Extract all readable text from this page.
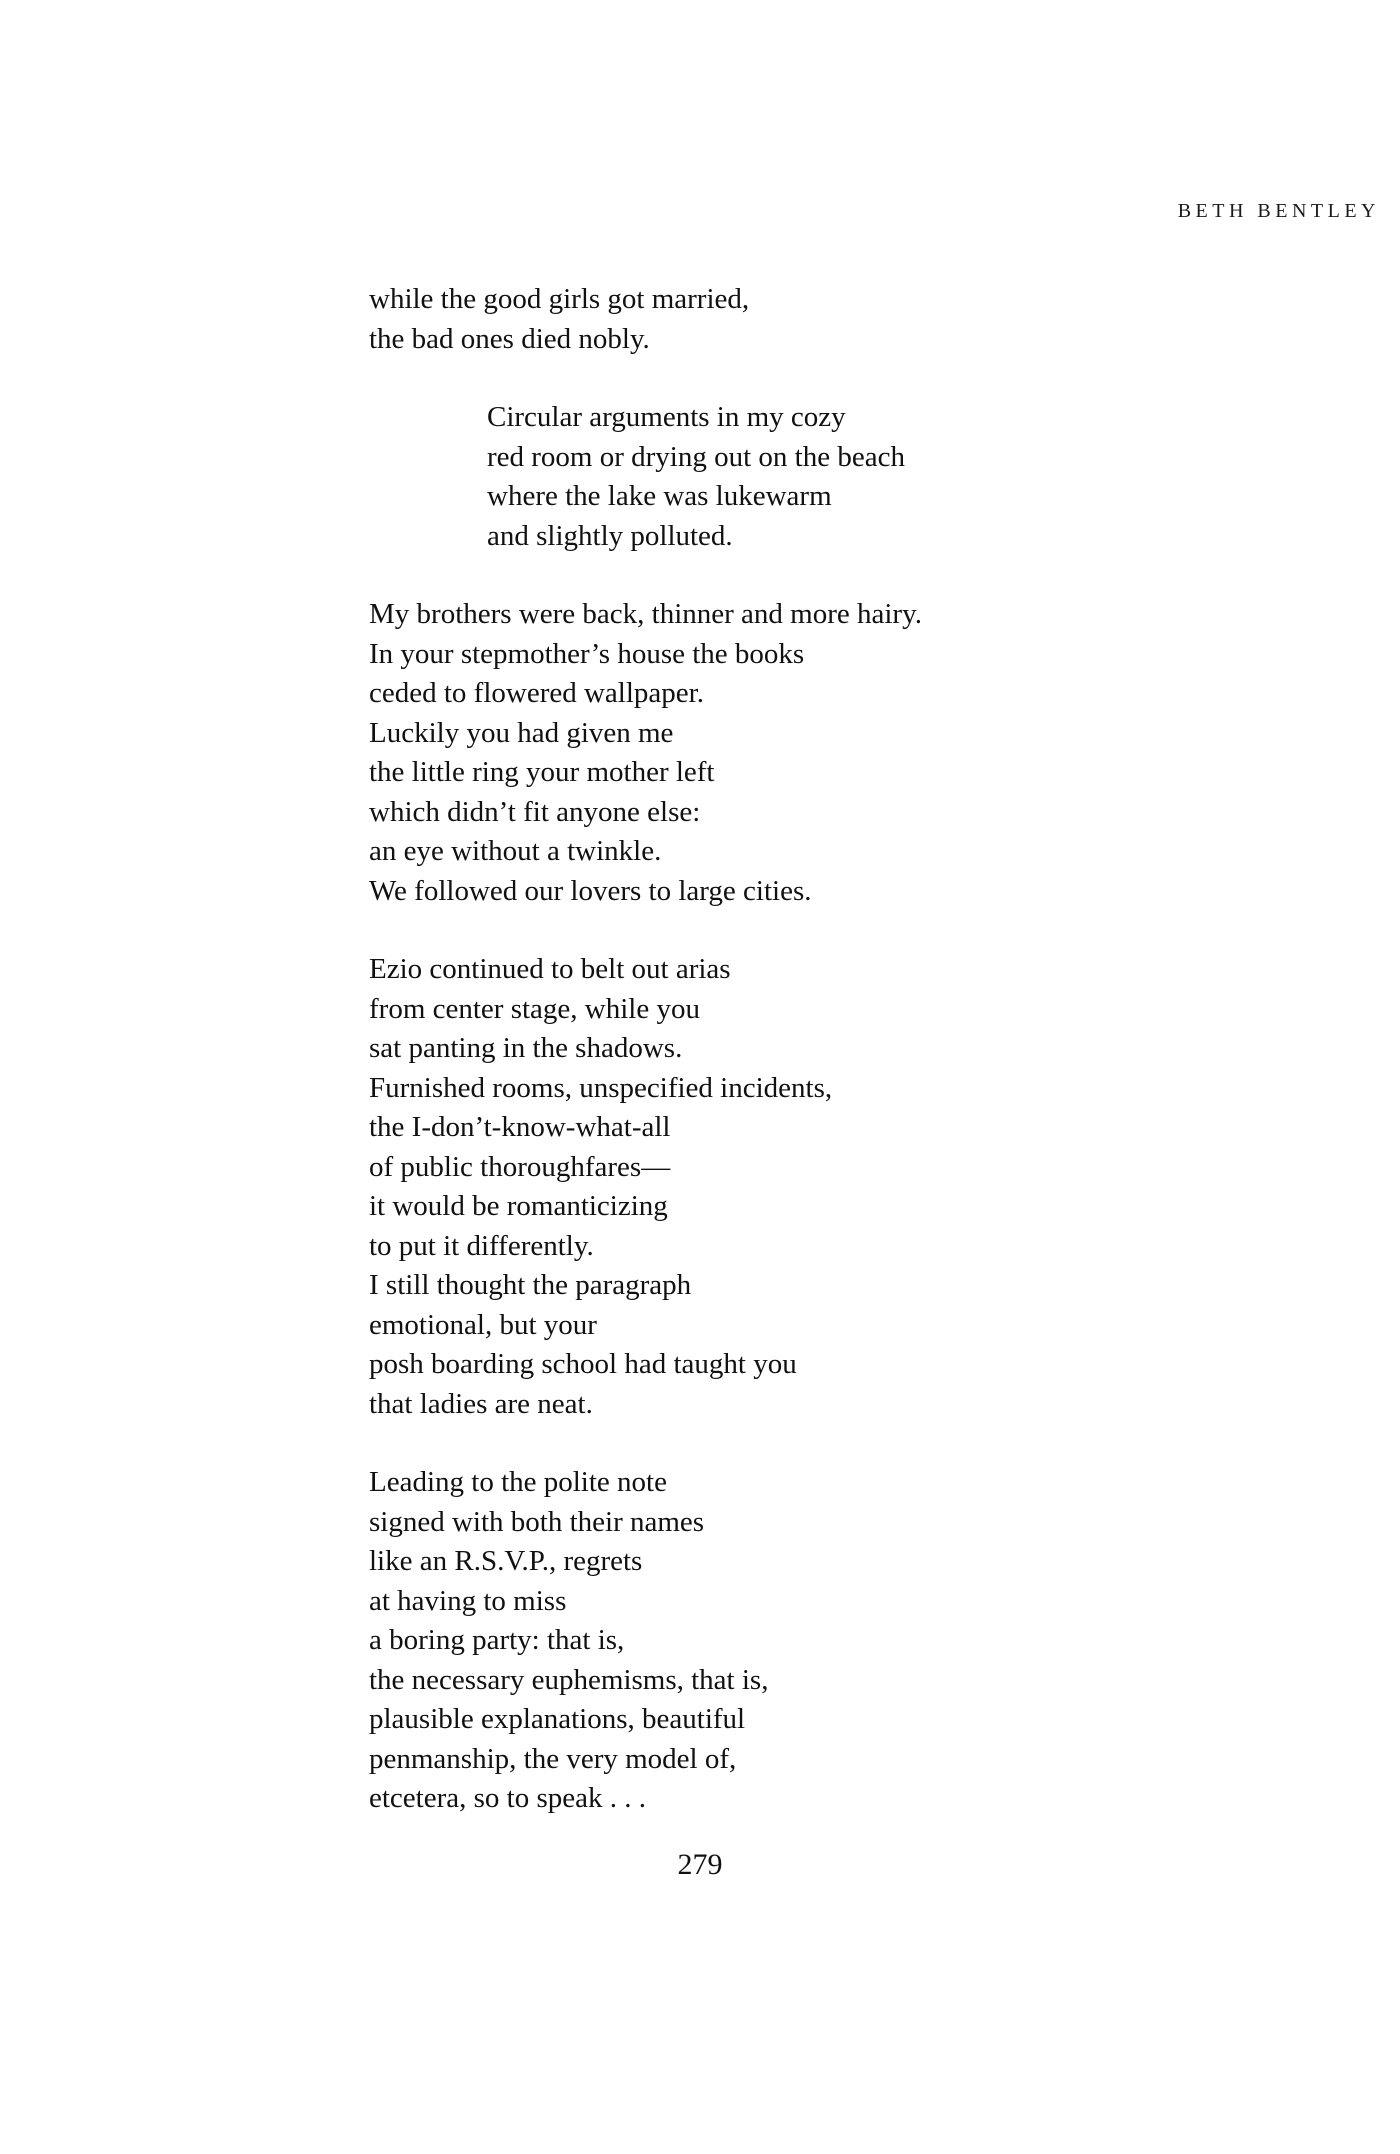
BETH BENTLEY
while the good girls got married,
the bad ones died nobly.
Circular arguments in my cozy
red room or drying out on the beach
where the lake was lukewarm
and slightly polluted.
My brothers were back, thinner and more hairy.
In your stepmother’s house the books
ceded to flowered wallpaper.
Luckily you had given me
the little ring your mother left
which didn’t fit anyone else:
an eye without a twinkle.
We followed our lovers to large cities.
Ezio continued to belt out arias
from center stage, while you
sat panting in the shadows.
Furnished rooms, unspecified incidents,
the I-don’t-know-what-all
of public thoroughfares—
it would be romanticizing
to put it differently.
I still thought the paragraph
emotional, but your
posh boarding school had taught you
that ladies are neat.
Leading to the polite note
signed with both their names
like an R.S.V.P., regrets
at having to miss
a boring party: that is,
the necessary euphemisms, that is,
plausible explanations, beautiful
penmanship, the very model of,
etcetera, so to speak . . .
279
